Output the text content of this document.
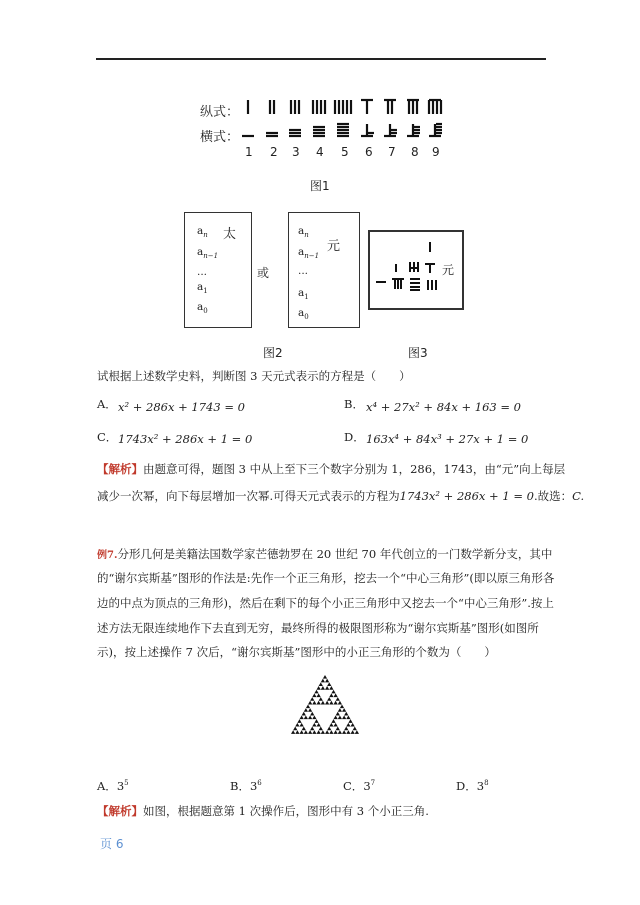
纵式：
横式：
1 2 3 4 5 6 7 8 9
图1
$a_n$ 太
$a_{n-1}$
...
$a_1$
$a_0$
或
$a_n$
元
$a_{n-1}$
...
$a_1$
$a_0$
图2
元
图3
试根据上述数学史料，判断图 3 天元式表示的方程是（　　）
A． x² + 286x + 1743 = 0	B． x⁴ + 27x² + 84x + 163 = 0
C． 1743x² + 286x + 1 = 0	D． 163x⁴ + 84x³ + 27x + 1 = 0
【解析】由题意可得，题图 3 中从上至下三个数字分别为 1，286，1743，由“元”向上每层
减少一次幂，向下每层增加一次幂.可得天元式表示的方程为1743x² + 286x + 1 = 0.故选：C.
例7.分形几何是美籍法国数学家芒德勃罗在 20 世纪 70 年代创立的一门数学新分支，其中
的“谢尔宾斯基”图形的作法是:先作一个正三角形，挖去一个“中心三角形”(即以原三角形各
边的中点为顶点的三角形)，然后在剩下的每个小正三角形中又挖去一个“中心三角形”.按上
述方法无限连续地作下去直到无穷，最终所得的极限图形称为“谢尔宾斯基”图形(如图所
示)，按上述操作 7 次后，“谢尔宾斯基”图形中的小正三角形的个数为（　　）
A．$3^5$	B．$3^6$	C．$3^7$	D．$3^8$
【解析】如图，根据题意第 1 次操作后，图形中有 3 个小正三角.
页 6
